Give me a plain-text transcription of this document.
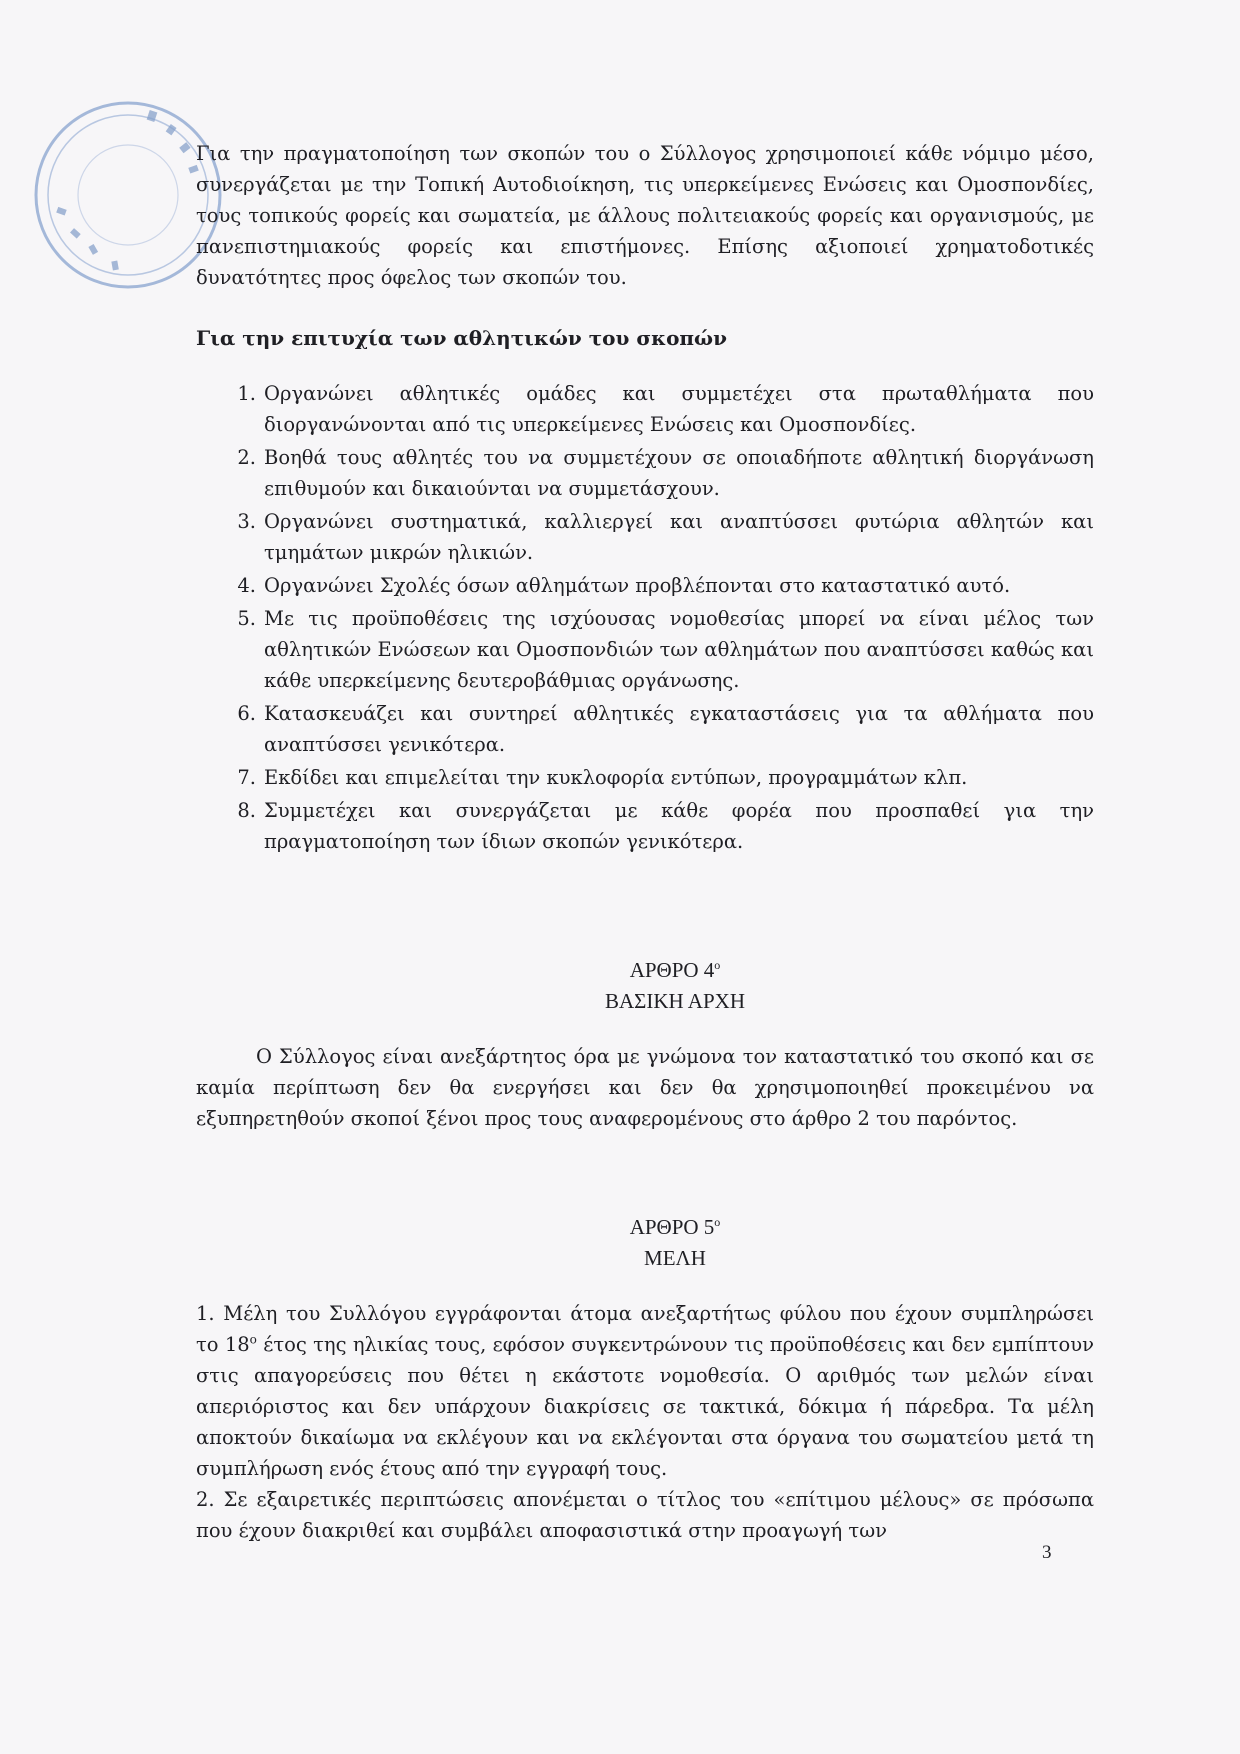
Για την πραγματοποίηση των σκοπών του ο Σύλλογος χρησιμοποιεί κάθε νόμιμο μέσο, συνεργάζεται με την Τοπική Αυτοδιοίκηση, τις υπερκείμενες Ενώσεις και Ομοσπονδίες, τους τοπικούς φορείς και σωματεία, με άλλους πολιτειακούς φορείς και οργανισμούς, με πανεπιστημιακούς φορείς και επιστήμονες. Επίσης αξιοποιεί χρηματοδοτικές δυνατότητες προς όφελος των σκοπών του.

Για την επιτυχία των αθλητικών του σκοπών

1. Οργανώνει αθλητικές ομάδες και συμμετέχει στα πρωταθλήματα που διοργανώνονται από τις υπερκείμενες Ενώσεις και Ομοσπονδίες.
2. Βοηθά τους αθλητές του να συμμετέχουν σε οποιαδήποτε αθλητική διοργάνωση επιθυμούν και δικαιούνται να συμμετάσχουν.
3. Οργανώνει συστηματικά, καλλιεργεί και αναπτύσσει φυτώρια αθλητών και τμημάτων μικρών ηλικιών.
4. Οργανώνει Σχολές όσων αθλημάτων προβλέπονται στο καταστατικό αυτό.
5. Με τις προϋποθέσεις της ισχύουσας νομοθεσίας μπορεί να είναι μέλος των αθλητικών Ενώσεων και Ομοσπονδιών των αθλημάτων που αναπτύσσει καθώς και κάθε υπερκείμενης δευτεροβάθμιας οργάνωσης.
6. Κατασκευάζει και συντηρεί αθλητικές εγκαταστάσεις για τα αθλήματα που αναπτύσσει γενικότερα.
7. Εκδίδει και επιμελείται την κυκλοφορία εντύπων, προγραμμάτων κλπ.
8. Συμμετέχει και συνεργάζεται με κάθε φορέα που προσπαθεί για την πραγματοποίηση των ίδιων σκοπών γενικότερα.

ΑΡΘΡΟ $4^o$

ΒΑΣΙΚΗ ΑΡΧΗ

Ο Σύλλογος είναι ανεξάρτητος όρα με γνώμονα τον καταστατικό του σκοπό και σε καμία περίπτωση δεν θα ενεργήσει και δεν θα χρησιμοποιηθεί προκειμένου να εξυπηρετηθούν σκοποί ξένοι προς τους αναφερομένους στο άρθρο 2 του παρόντος.

ΑΡΘΡΟ $5^o$

ΜΕΛΗ

1. Μέλη του Συλλόγου εγγράφονται άτομα ανεξαρτήτως φύλου που έχουν συμπληρώσει το $18^o$ έτος της ηλικίας τους, εφόσον συγκεντρώνουν τις προϋποθέσεις και δεν εμπίπτουν στις απαγορεύσεις που θέτει η εκάστοτε νομοθεσία. Ο αριθμός των μελών είναι απεριόριστος και δεν υπάρχουν διακρίσεις σε τακτικά, δόκιμα ή πάρεδρα. Τα μέλη αποκτούν δικαίωμα να εκλέγουν και να εκλέγονται στα όργανα του σωματείου μετά τη συμπλήρωση ενός έτους από την εγγραφή τους.

2. Σε εξαιρετικές περιπτώσεις απονέμεται ο τίτλος του «επίτιμου μέλους» σε πρόσωπα που έχουν διακριθεί και συμβάλει αποφασιστικά στην προαγωγή των

3
